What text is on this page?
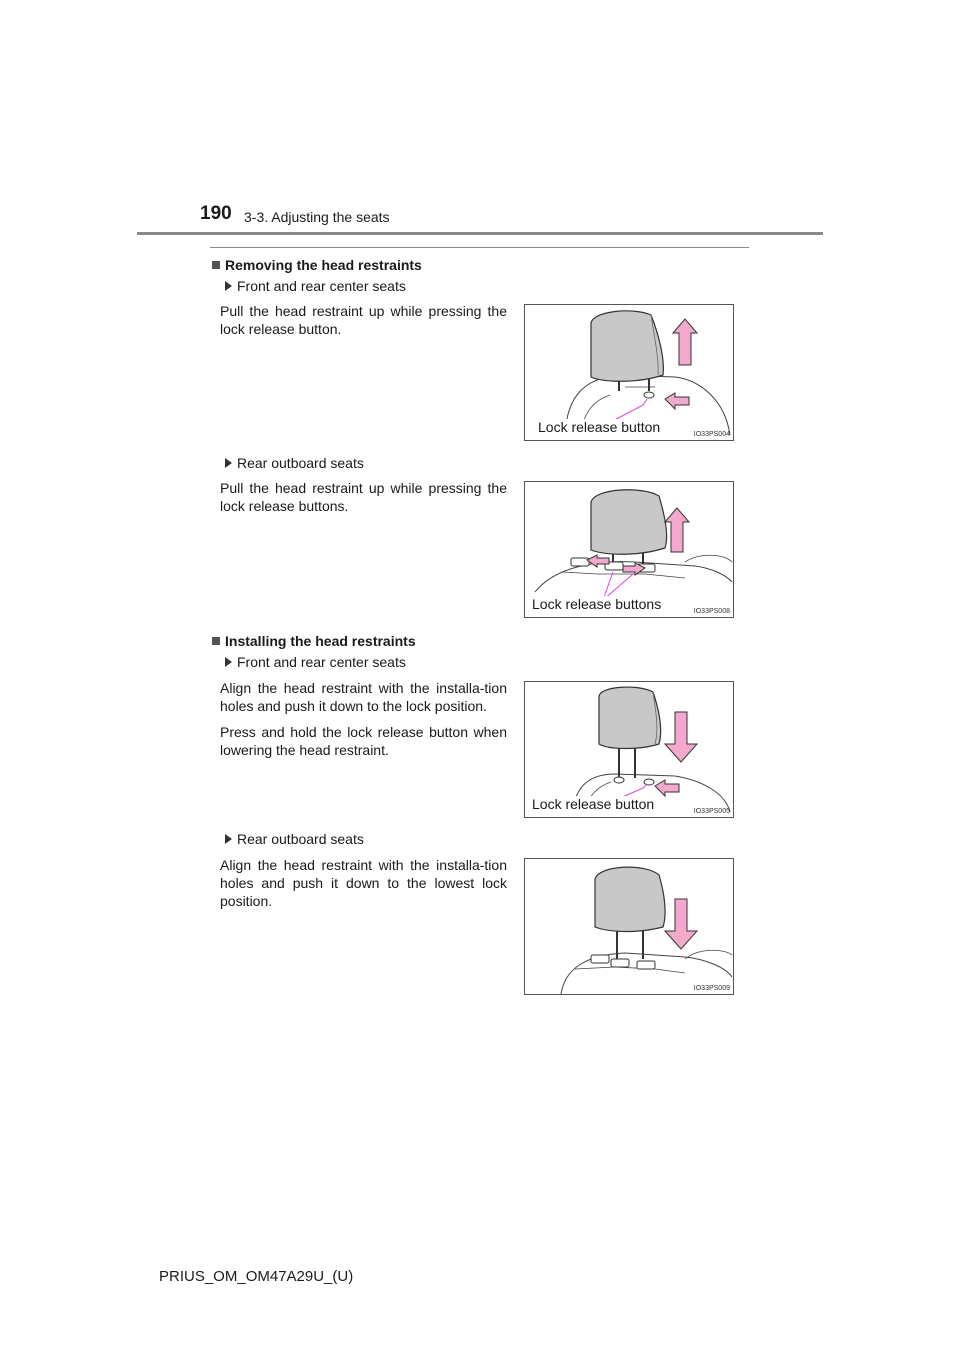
190 3-3. Adjusting the seats
Removing the head restraints
Front and rear center seats

Pull the head restraint up while pressing the lock release button.

Lock release button	IO33PS004
Rear outboard seats

Pull the head restraint up while pressing the lock release buttons.

Lock release buttons	IO33PS008
Installing the head restraints
Front and rear center seats

Align the head restraint with the installa-tion holes and push it down to the lock position.

Press and hold the lock release button when lowering the head restraint.

Lock release button	IO33PS005
Rear outboard seats

Align the head restraint with the installa-tion holes and push it down to the lowest lock position.

IO33PS009
PRIUS_OM_OM47A29U_(U)
